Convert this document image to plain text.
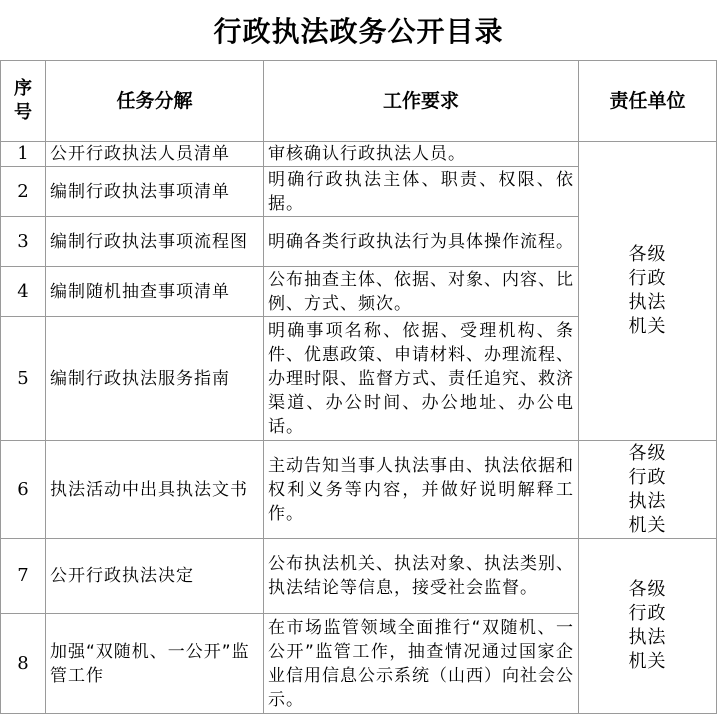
行政执法政务公开目录
序号	任务分解	工作要求	责任单位
1	公开行政执法人员清单	审核确认行政执法人员。	各级行政执法机关
2	编制行政执法事项清单	明确行政执法主体、职责、权限、依据。	
3	编制行政执法事项流程图	明确各类行政执法行为具体操作流程。	
4	编制随机抽查事项清单	公布抽查主体、依据、对象、内容、比例、方式、频次。	
5	编制行政执法服务指南	明确事项名称、依据、受理机构、条件、优惠政策、申请材料、办理流程、办理时限、监督方式、责任追究、救济渠道、办公时间、办公地址、办公电话。	
6	执法活动中出具执法文书	主动告知当事人执法事由、执法依据和权利义务等内容，并做好说明解释工作。	各级行政执法机关
7	公开行政执法决定	公布执法机关、执法对象、执法类别、执法结论等信息，接受社会监督。	各级行政执法机关
8	加强“双随机、一公开”监管工作	在市场监管领域全面推行“双随机、一公开”监管工作，抽查情况通过国家企业信用信息公示系统（山西）向社会公示。	
